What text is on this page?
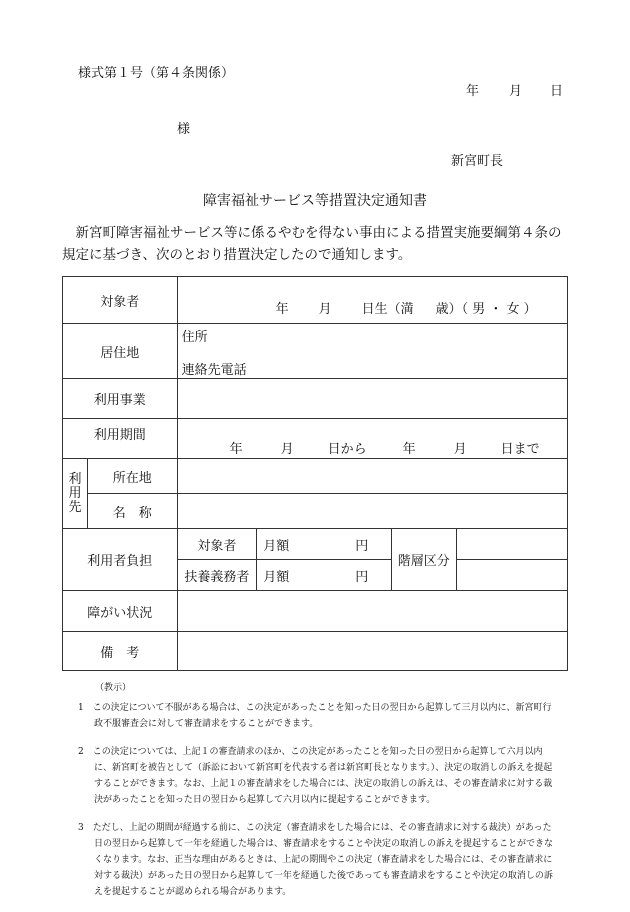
様式第１号（第４条関係）
年 月 日
様
新宮町長
障害福祉サービス等措置決定通知書
新宮町障害福祉サービス等に係るやむを得ない事由による措置実施要綱第４条の規定に基づき、次のとおり措置決定したので通知します。
対象者		年 月 日生（満 歳）（ 男 ・ 女 ）			
居住地		住所
連絡先電話			

利用事業					
利用期間		年 月 日から 年 月 日まで			
利
用
先	所在地				
	名　称				
利用者負担		対象者	月額 円	階層区分	
		扶養義務者	月額 円		
障がい状況					
備　考					
（教示）

1　この決定について不服がある場合は、この決定があったことを知った日の翌日から起算して三月以内に、新宮町行政不服審査会に対して審査請求をすることができます。

2　この決定については、上記１の審査請求のほか、この決定があったことを知った日の翌日から起算して六月以内に、新宮町を被告として（訴訟において新宮町を代表する者は新宮町長となります。）、決定の取消しの訴えを提起することができます。なお、上記１の審査請求をした場合には、決定の取消しの訴えは、その審査請求に対する裁決があったことを知った日の翌日から起算して六月以内に提起することができます。

3　ただし、上記の期間が経過する前に、この決定（審査請求をした場合には、その審査請求に対する裁決）があった日の翌日から起算して一年を経過した場合は、審査請求をすることや決定の取消しの訴えを提起することができなくなります。なお、正当な理由があるときは、上記の期間やこの決定（審査請求をした場合には、その審査請求に対する裁決）があった日の翌日から起算して一年を経過した後であっても審査請求をすることや決定の取消しの訴えを提起することが認められる場合があります。
